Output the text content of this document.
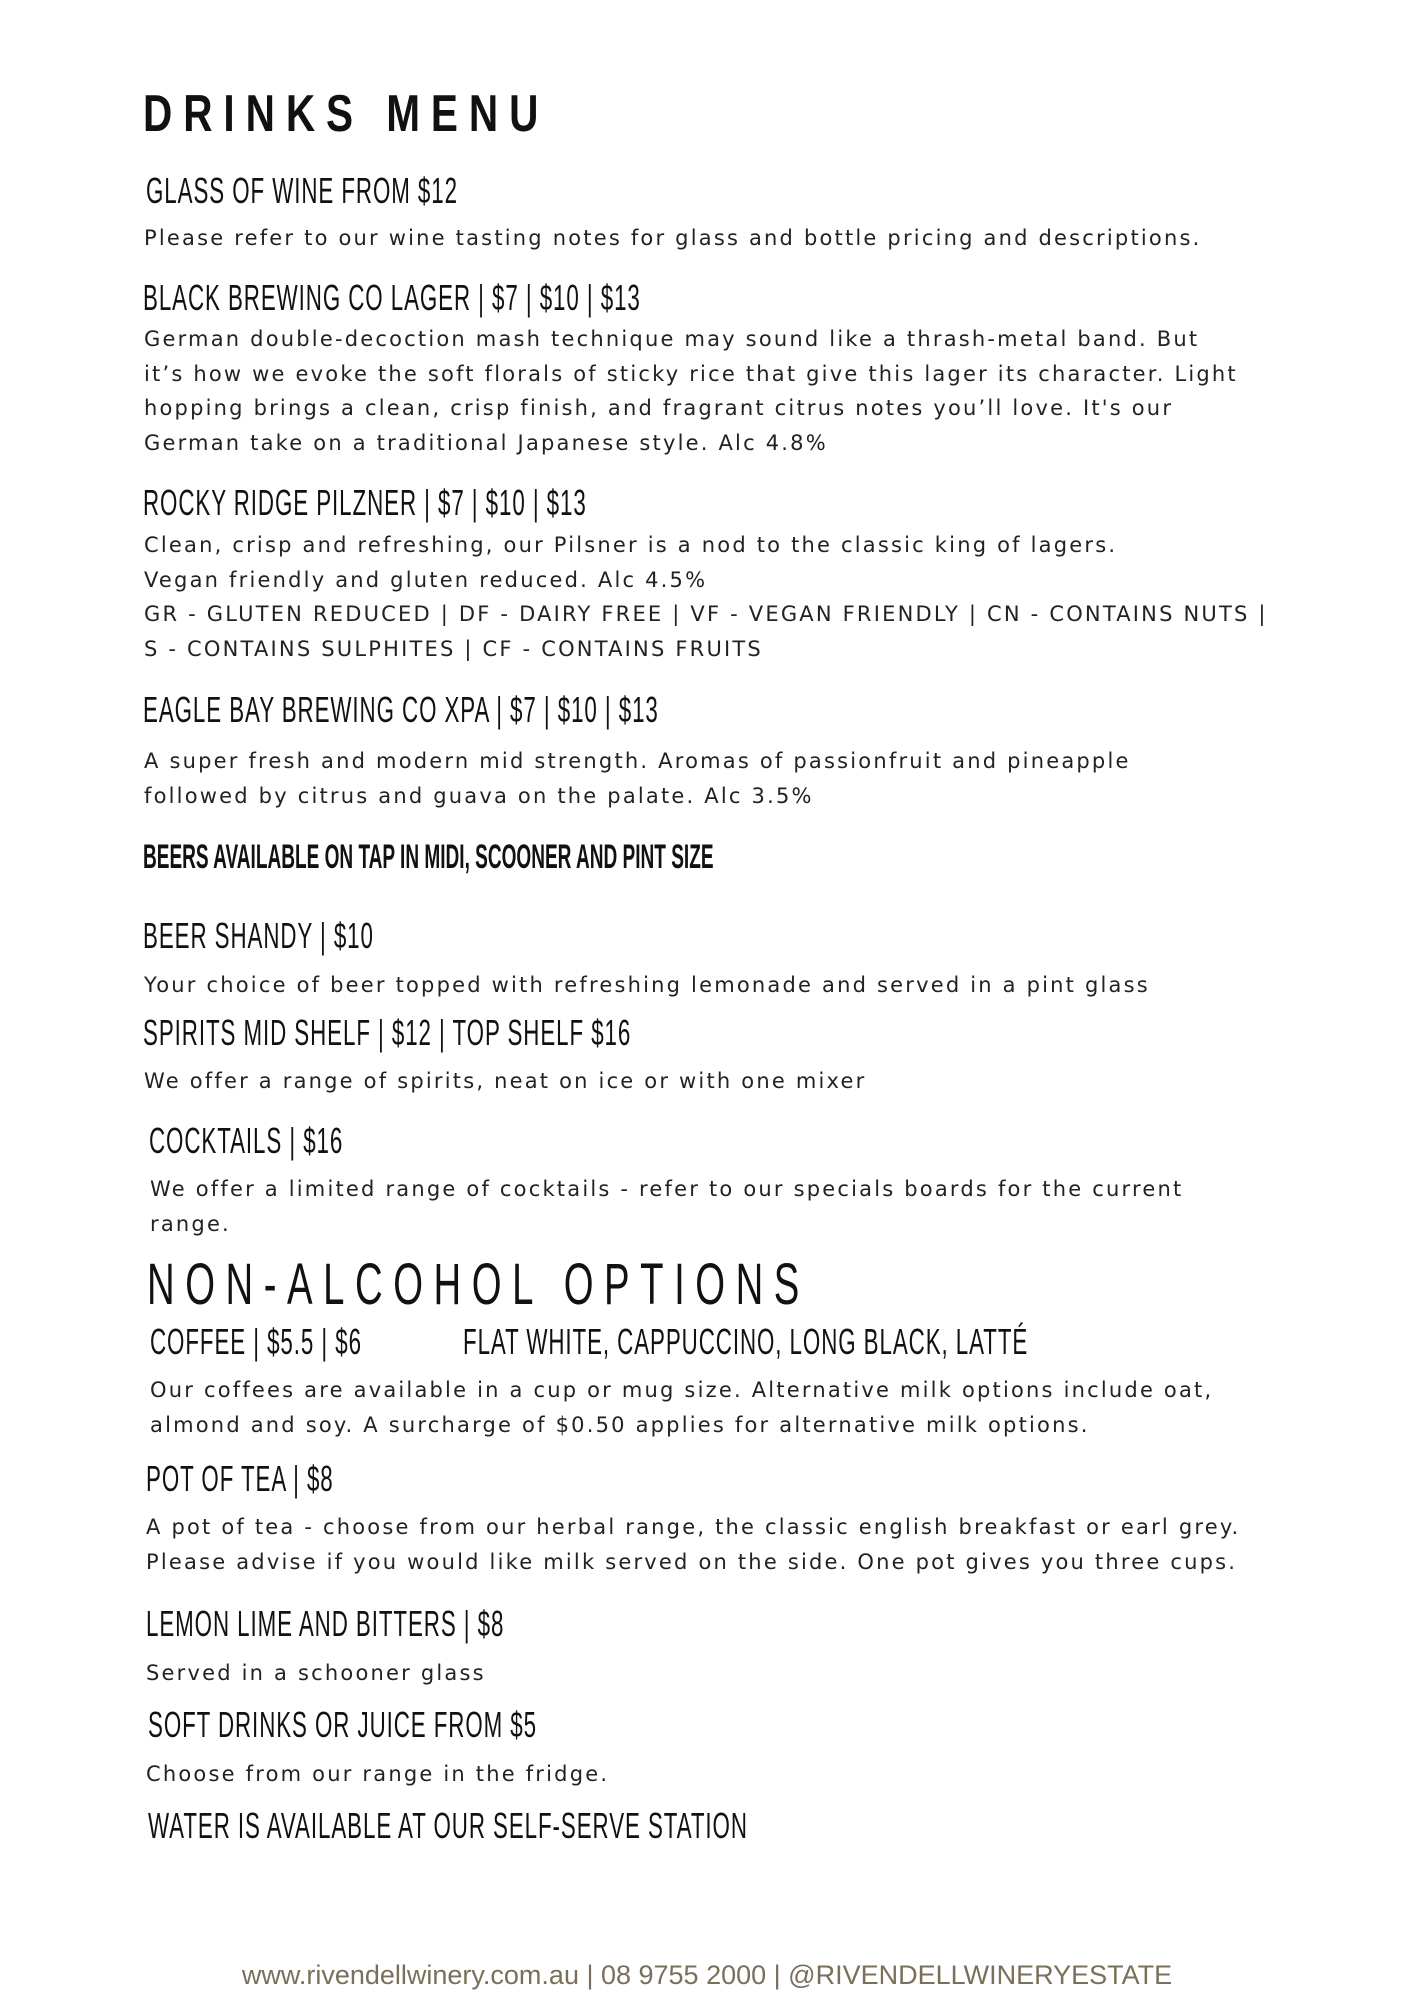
DRINKS MENU
GLASS OF WINE FROM $12
Please refer to our wine tasting notes for glass and bottle pricing and descriptions.
BLACK BREWING CO LAGER | $7 | $10 | $13
German double-decoction mash technique may sound like a thrash-metal band. But
it’s how we evoke the soft florals of sticky rice that give this lager its character. Light
hopping brings a clean, crisp finish, and fragrant citrus notes you’ll love. It's our
German take on a traditional Japanese style. Alc 4.8%
ROCKY RIDGE PILZNER | $7 | $10 | $13
Clean, crisp and refreshing, our Pilsner is a nod to the classic king of lagers.
Vegan friendly and gluten reduced. Alc 4.5%
GR - GLUTEN REDUCED | DF - DAIRY FREE | VF - VEGAN FRIENDLY | CN - CONTAINS NUTS |
S - CONTAINS SULPHITES | CF - CONTAINS FRUITS
EAGLE BAY BREWING CO XPA | $7 | $10 | $13
A super fresh and modern mid strength. Aromas of passionfruit and pineapple
followed by citrus and guava on the palate. Alc 3.5%
BEERS AVAILABLE ON TAP IN MIDI, SCOONER AND PINT SIZE
BEER SHANDY | $10
Your choice of beer topped with refreshing lemonade and served in a pint glass
SPIRITS MID SHELF | $12 | TOP SHELF $16
We offer a range of spirits, neat on ice or with one mixer
COCKTAILS | $16
We offer a limited range of cocktails - refer to our specials boards for the current
range.
NON-ALCOHOL OPTIONS
COFFEE | $5.5 | $6	FLAT WHITE, CAPPUCCINO, LONG BLACK, LATTÉ
Our coffees are available in a cup or mug size. Alternative milk options include oat,
almond and soy. A surcharge of $0.50 applies for alternative milk options.
POT OF TEA | $8
A pot of tea - choose from our herbal range, the classic english breakfast or earl grey.
Please advise if you would like milk served on the side. One pot gives you three cups.
LEMON LIME AND BITTERS | $8
Served in a schooner glass
SOFT DRINKS OR JUICE FROM $5
Choose from our range in the fridge.
WATER IS AVAILABLE AT OUR SELF-SERVE STATION
www.rivendellwinery.com.au | 08 9755 2000 | @RIVENDELLWINERYESTATE
